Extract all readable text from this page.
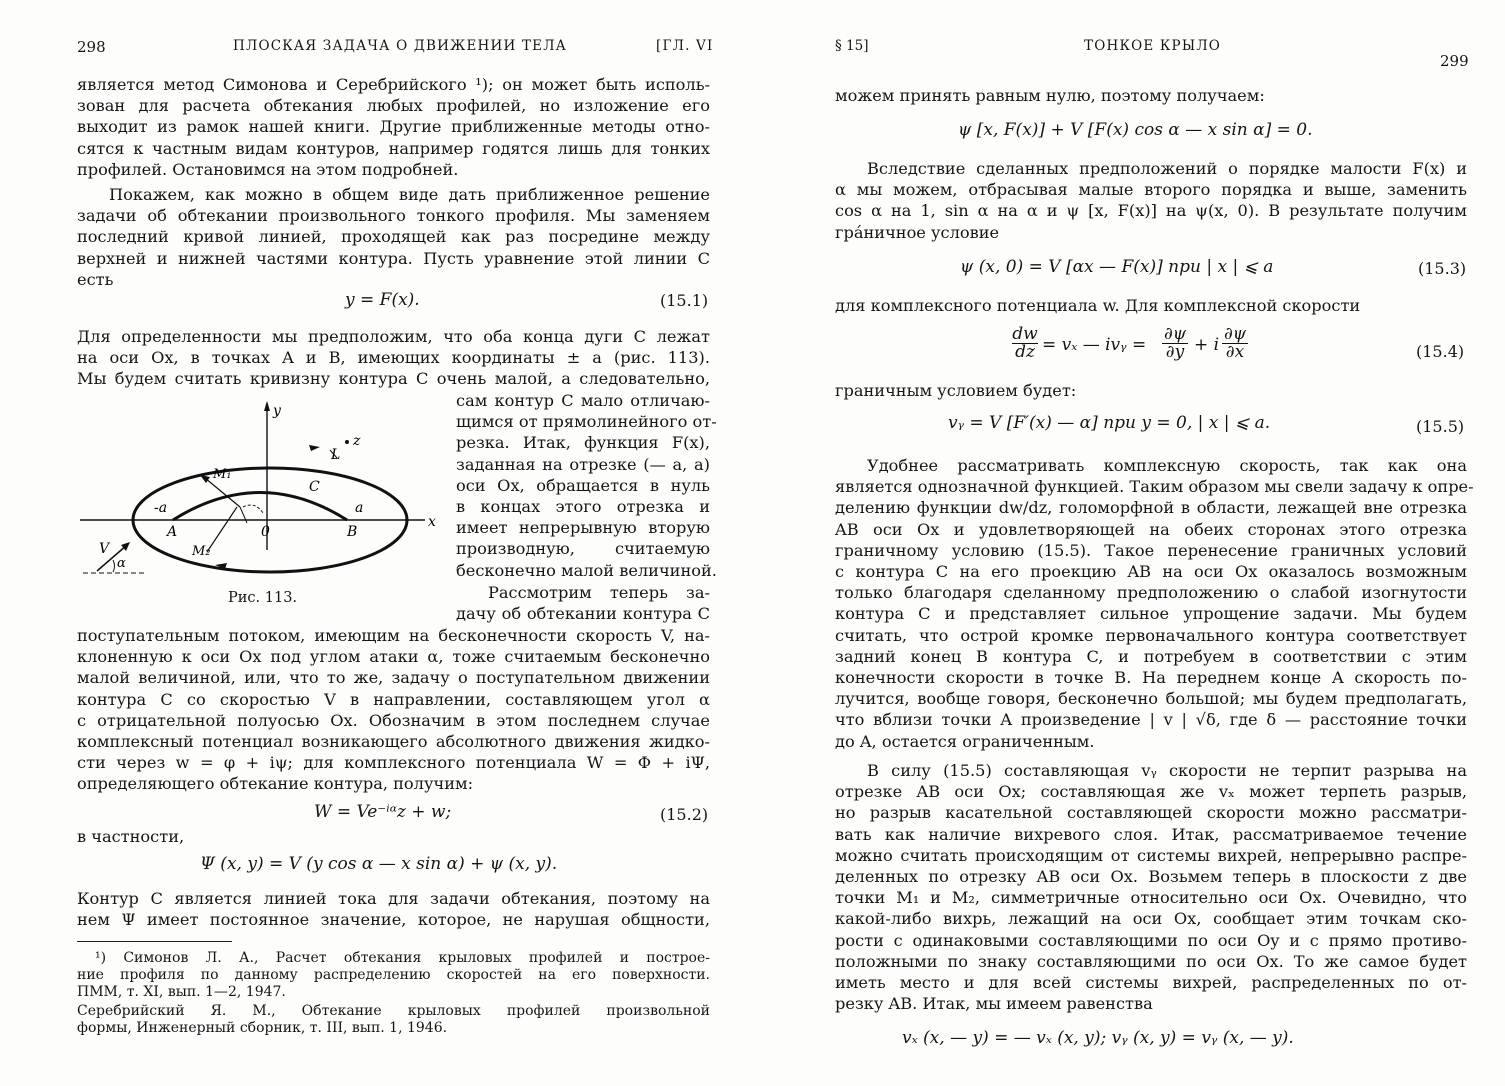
298	ПЛОСКАЯ ЗАДАЧА О ДВИЖЕНИИ ТЕЛА	[ГЛ. VI
является метод Симонова и Серебрийского ¹); он может быть исполь-
зован для расчета обтекания любых профилей, но изложение его
выходит из рамок нашей книги. Другие приближенные методы отно-
сятся к частным видам контуров, например годятся лишь для тонких
профилей. Остановимся на этом подробней.
Покажем, как можно в общем виде дать приближенное решение
задачи об обтекании произвольного тонкого профиля. Мы заменяем
последний кривой линией, проходящей как раз посредине между
верхней и нижней частями контура. Пусть уравнение этой линии C
есть
y = F(x).	(15.1)
Для определенности мы предположим, что оба конца дуги C лежат
на оси Ox, в точках A и B, имеющих координаты ± a (рис. 113).
Мы будем считать кривизну контура C очень малой, а следовательно,
сам контур C мало отличаю-
щимся от прямолинейного от-
резка. Итак, функция F(x),
заданная на отрезке (— a, a)
оси Ox, обращается в нуль
в концах этого отрезка и
имеет непрерывную вторую
производную, считаемую
бесконечно малой величиной.
Рассмотрим теперь за-
дачу об обтекании контура C
y
z
L
C
M₁
M₂
-a	a
A	0	B
x
V
α
Рис. 113.
поступательным потоком, имеющим на бесконечности скорость V, на-
клоненную к оси Ox под углом атаки α, тоже считаемым бесконечно
малой величиной, или, что то же, задачу о поступательном движении
контура C со скоростью V в направлении, составляющем угол α
с отрицательной полуосью Ox. Обозначим в этом последнем случае
комплексный потенциал возникающего абсолютного движения жидко-
сти через w = φ + iψ; для комплексного потенциала W = Φ + iΨ,
определяющего обтекание контура, получим:
W = Ve⁻ⁱᵅz + w;	(15.2)
в частности,
Ψ (x, y) = V (y cos α — x sin α) + ψ (x, y).
Контур C является линией тока для задачи обтекания, поэтому на
нем Ψ имеет постоянное значение, которое, не нарушая общности,
¹) Симонов Л. А., Расчет обтекания крыловых профилей и построе-
ние профиля по данному распределению скоростей на его поверхности.
ПММ, т. XI, вып. 1—2, 1947.
Серебрийский Я. М., Обтекание крыловых профилей произвольной
формы, Инженерный сборник, т. III, вып. 1, 1946.
§ 15]	ТОНКОЕ КРЫЛО
299
можем принять равным нулю, поэтому получаем:
ψ [x, F(x)] + V [F(x) cos α — x sin α] = 0.
Вследствие сделанных предположений о порядке малости F(x) и
α мы можем, отбрасывая малые второго порядка и выше, заменить
cos α на 1, sin α на α и ψ [x, F(x)] на ψ(x, 0). В результате получим
грáничное условие
ψ (x, 0) = V [αx — F(x)] при | x | ⩽ a	(15.3)
для комплексного потенциала w. Для комплексной скорости
dw
dz = vₓ — ivᵧ =
∂ψ
∂y + i
∂ψ
∂x	(15.4)
граничным условием будет:
vᵧ = V [F′(x) — α] при y = 0, | x | ⩽ a.	(15.5)
Удобнее рассматривать комплексную скорость, так как она
является однозначной функцией. Таким образом мы свели задачу к опре-
делению функции dw/dz, голоморфной в области, лежащей вне отрезка
AB оси Ox и удовлетворяющей на обеих сторонах этого отрезка
граничному условию (15.5). Такое перенесение граничных условий
с контура C на его проекцию AB на оси Ox оказалось возможным
только благодаря сделанному предположению о слабой изогнутости
контура C и представляет сильное упрощение задачи. Мы будем
считать, что острой кромке первоначального контура соответствует
задний конец B контура C, и потребуем в соответствии с этим
конечности скорости в точке B. На переднем конце A скорость по-
лучится, вообще говоря, бесконечно большой; мы будем предполагать,
что вблизи точки A произведение | v | √δ, где δ — расстояние точки
до A, остается ограниченным.
В силу (15.5) составляющая vᵧ скорости не терпит разрыва на
отрезке AB оси Ox; составляющая же vₓ может терпеть разрыв,
но разрыв касательной составляющей скорости можно рассматри-
вать как наличие вихревого слоя. Итак, рассматриваемое течение
можно считать происходящим от системы вихрей, непрерывно распре-
деленных по отрезку AB оси Ox. Возьмем теперь в плоскости z две
точки M₁ и M₂, симметричные относительно оси Ox. Очевидно, что
какой-либо вихрь, лежащий на оси Ox, сообщает этим точкам ско-
рости с одинаковыми составляющими по оси Oy и с прямо противо-
положными по знаку составляющими по оси Ox. То же самое будет
иметь место и для всей системы вихрей, распределенных по от-
резку AB. Итак, мы имеем равенства
vₓ (x, — y) = — vₓ (x, y); vᵧ (x, y) = vᵧ (x, — y).
